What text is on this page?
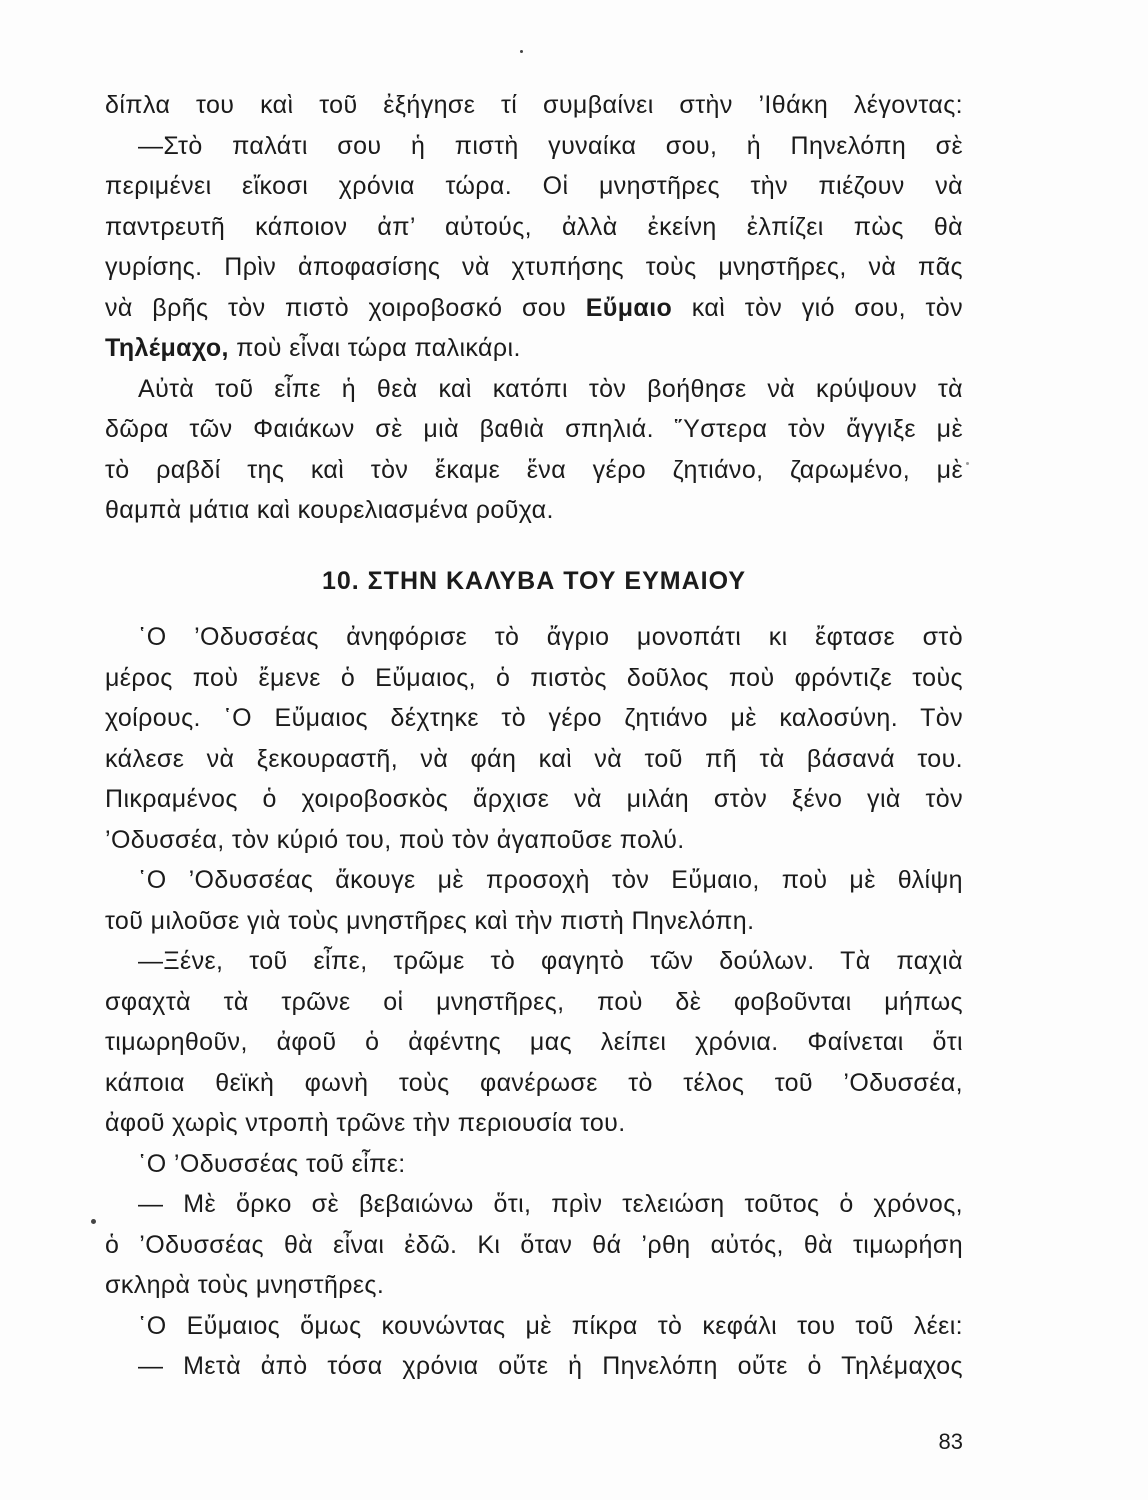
δίπλα του καὶ τοῦ ἐξήγησε τί συμβαίνει στὴν ’Ιθάκη λέγοντας:
—Στὸ παλάτι σου ἡ πιστὴ γυναίκα σου, ἡ Πηνελόπη σὲ
περιμένει εἴκοσι χρόνια τώρα. Οἱ μνηστῆρες τὴν πιέζουν νὰ
παντρευτῆ κάποιον ἀπ’ αὐτούς, ἀλλὰ ἐκείνη ἐλπίζει πὼς θὰ
γυρίσης. Πρὶν ἀποφασίσης νὰ χτυπήσης τοὺς μνηστῆρες, νὰ πᾶς
νὰ βρῆς τὸν πιστὸ χοιροβοσκό σου Εὔμαιο καὶ τὸν γιό σου, τὸν
Τηλέμαχο, ποὺ εἶναι τώρα παλικάρι.
Αὐτὰ τοῦ εἶπε ἡ θεὰ καὶ κατόπι τὸν βοήθησε νὰ κρύψουν τὰ
δῶρα τῶν Φαιάκων σὲ μιὰ βαθιὰ σπηλιά. Ὕστερα τὸν ἄγγιξε μὲ
τὸ ραβδί της καὶ τὸν ἔκαμε ἕνα γέρο ζητιάνο, ζαρωμένο, μὲ
θαμπὰ μάτια καὶ κουρελιασμένα ροῦχα.
10. ΣΤΗΝ ΚΑΛΥΒΑ ΤΟΥ ΕΥΜΑΙΟΥ
῾Ο ’Οδυσσέας ἀνηφόρισε τὸ ἄγριο μονοπάτι κι ἔφτασε στὸ
μέρος ποὺ ἔμενε ὁ Εὔμαιος, ὁ πιστὸς δοῦλος ποὺ φρόντιζε τοὺς
χοίρους. ῾Ο Εὔμαιος δέχτηκε τὸ γέρο ζητιάνο μὲ καλοσύνη. Τὸν
κάλεσε νὰ ξεκουραστῆ, νὰ φάη καὶ νὰ τοῦ πῆ τὰ βάσανά του.
Πικραμένος ὁ χοιροβοσκὸς ἄρχισε νὰ μιλάη στὸν ξένο γιὰ τὸν
’Οδυσσέα, τὸν κύριό του, ποὺ τὸν ἀγαποῦσε πολύ.
῾Ο ’Οδυσσέας ἄκουγε μὲ προσοχὴ τὸν Εὔμαιο, ποὺ μὲ θλίψη
τοῦ μιλοῦσε γιὰ τοὺς μνηστῆρες καὶ τὴν πιστὴ Πηνελόπη.
—Ξένε, τοῦ εἶπε, τρῶμε τὸ φαγητὸ τῶν δούλων. Τὰ παχιὰ
σφαχτὰ τὰ τρῶνε οἱ μνηστῆρες, ποὺ δὲ φοβοῦνται μήπως
τιμωρηθοῦν, ἀφοῦ ὁ ἀφέντης μας λείπει χρόνια. Φαίνεται ὅτι
κάποια θεϊκὴ φωνὴ τοὺς φανέρωσε τὸ τέλος τοῦ ’Οδυσσέα,
ἀφοῦ χωρὶς ντροπὴ τρῶνε τὴν περιουσία του.
῾Ο ’Οδυσσέας τοῦ εἶπε:
— Μὲ ὅρκο σὲ βεβαιώνω ὅτι, πρὶν τελειώση τοῦτος ὁ χρόνος,
ὁ ’Οδυσσέας θὰ εἶναι ἐδῶ. Κι ὅταν θά ’ρθη αὐτός, θὰ τιμωρήση
σκληρὰ τοὺς μνηστῆρες.
῾Ο Εὔμαιος ὅμως κουνώντας μὲ πίκρα τὸ κεφάλι του τοῦ λέει:
— Μετὰ ἀπὸ τόσα χρόνια οὔτε ἡ Πηνελόπη οὔτε ὁ Τηλέμαχος
83
